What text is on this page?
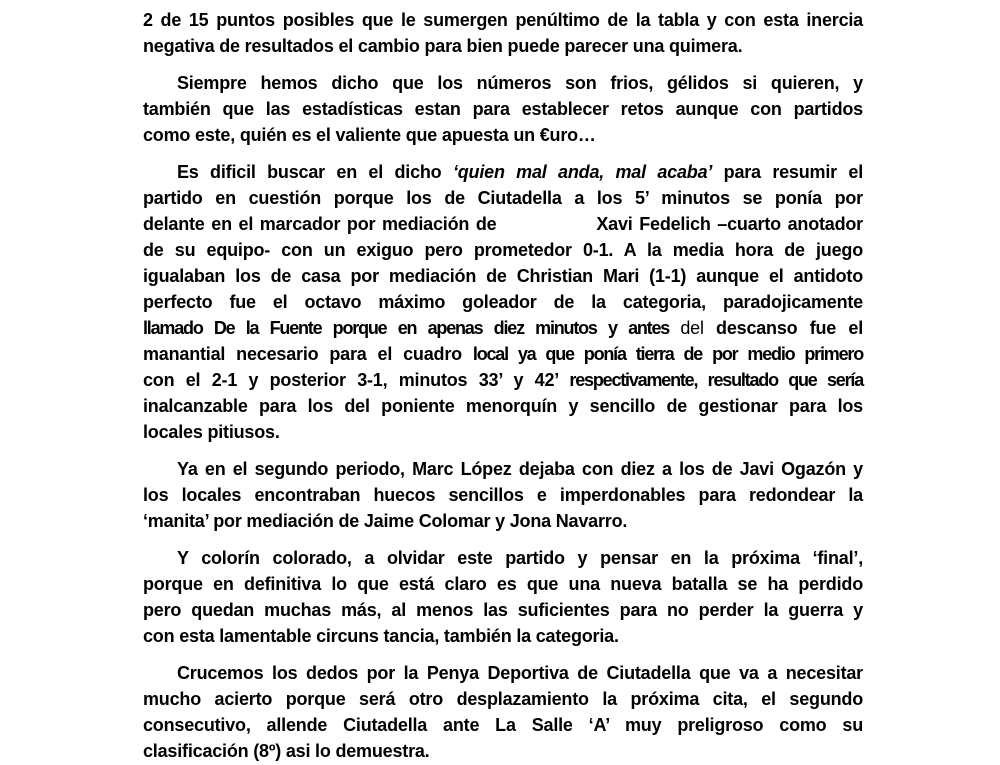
2 de 15 puntos posibles que le sumergen penúltimo de la tabla y con esta inercia
negativa de resultados el cambio para bien puede parecer una quimera.
Siempre hemos dicho que los números son frios, gélidos si quieren, y
también que las estadísticas estan para establecer retos aunque con partidos
como este, quién es el valiente que apuesta un €uro…
Es dificil buscar en el dicho ‘quien mal anda, mal acaba’ para resumir el
partido en cuestión porque los de Ciutadella a los 5’ minutos se ponía por
delante en el marcador por mediación de               Xavi Fedelich –cuarto anotador
de su equipo- con un exiguo pero prometedor 0-1. A la media hora de juego
igualaban los de casa por mediación de Christian Mari (1-1) aunque el antidoto
perfecto fue el octavo máximo goleador de la categoria, paradojicamente
llamado De la Fuente porque en apenas diez minutos y antes del descanso fue el
manantial necesario para el cuadro local ya que ponía tierra de por medio primero
con el 2-1 y posterior 3-1, minutos 33’ y 42’ respectivamente, resultado que sería
inalcanzable para los del poniente menorquín y sencillo de gestionar para los
locales pitiusos.
Ya en el segundo periodo, Marc López dejaba con diez a los de Javi Ogazón y
los locales encontraban huecos sencillos e imperdonables para redondear la
‘manita’ por mediación de Jaime Colomar y Jona Navarro.
Y colorín colorado, a olvidar este partido y pensar en la próxima ‘final’,
porque en definitiva lo que está claro es que una nueva batalla se ha perdido
pero quedan muchas más, al menos las suficientes para no perder la guerra y
con esta lamentable circuns tancia, también la categoria.
Crucemos los dedos por la Penya Deportiva de Ciutadella que va a necesitar
mucho acierto porque será otro desplazamiento la próxima cita, el segundo
consecutivo, allende Ciutadella ante La Salle ‘A’ muy preligroso como su
clasificación (8º) asi lo demuestra.
